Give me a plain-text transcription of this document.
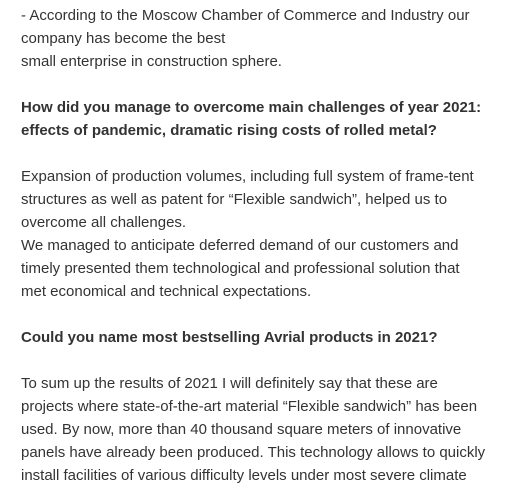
- According to the Moscow Chamber of Commerce and Industry our
company has become the best
small enterprise in construction sphere.

How did you manage to overcome main challenges of year 2021:
effects of pandemic, dramatic rising costs of rolled metal?

Expansion of production volumes, including full system of frame-tent
structures as well as patent for “Flexible sandwich”, helped us to
overcome all challenges.
We managed to anticipate deferred demand of our customers and
timely presented them technological and professional solution that
met economical and technical expectations.

Could you name most bestselling Avrial products in 2021?

To sum up the results of 2021 I will definitely say that these are
projects where state-of-the-art material “Flexible sandwich” has been
used. By now, more than 40 thousand square meters of innovative
panels have already been produced. This technology allows to quickly
install facilities of various difficulty levels under most severe climate
